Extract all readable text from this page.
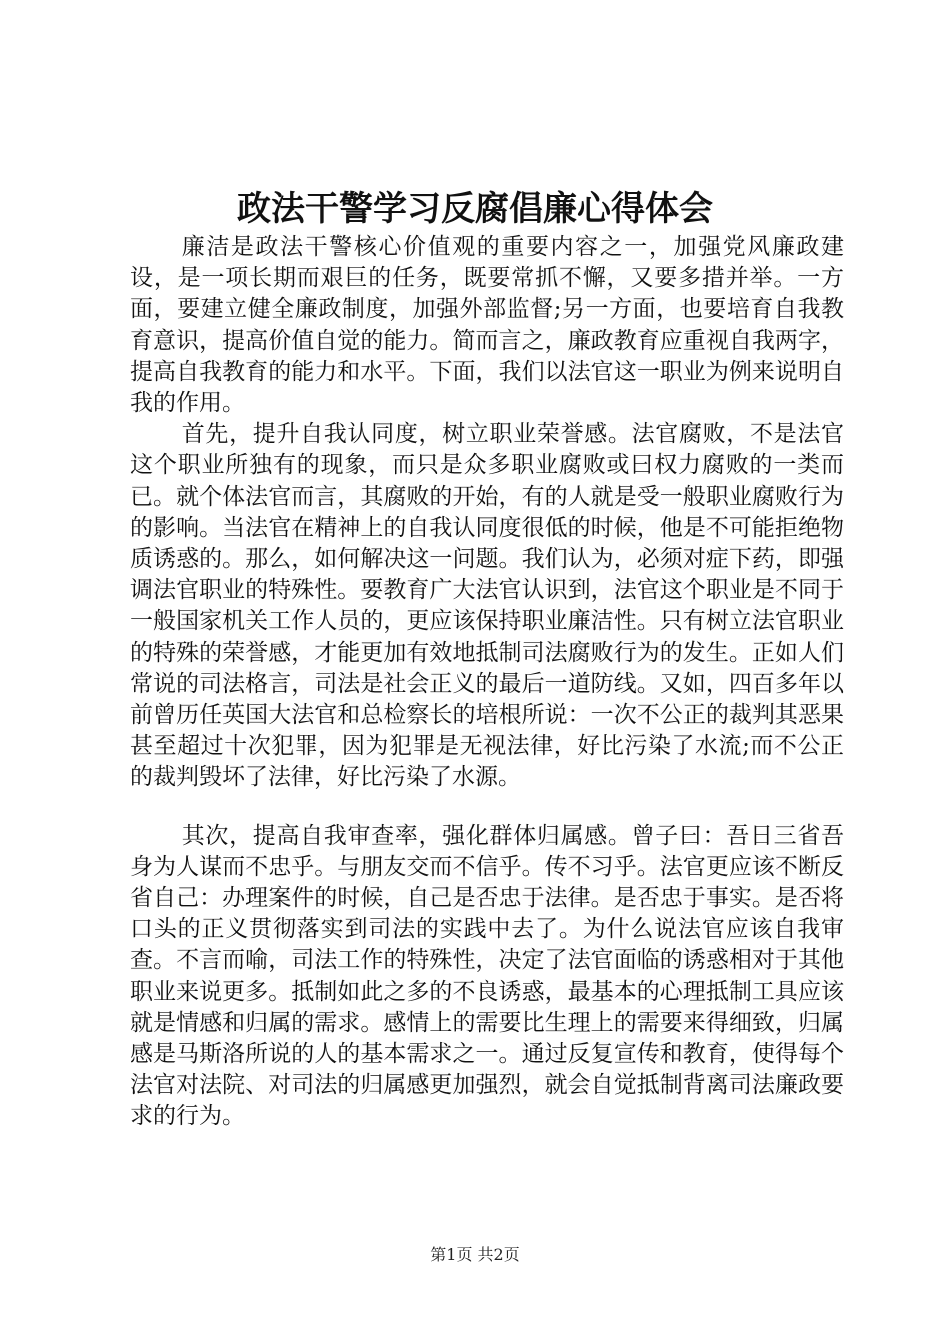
政法干警学习反腐倡廉心得体会

廉洁是政法干警核心价值观的重要内容之一，加强党风廉政建设，是一项长期而艰巨的任务，既要常抓不懈，又要多措并举。一方面，要建立健全廉政制度，加强外部监督;另一方面，也要培育自我教育意识，提高价值自觉的能力。简而言之，廉政教育应重视自我两字，提高自我教育的能力和水平。下面，我们以法官这一职业为例来说明自我的作用。

首先，提升自我认同度，树立职业荣誉感。法官腐败，不是法官这个职业所独有的现象，而只是众多职业腐败或曰权力腐败的一类而已。就个体法官而言，其腐败的开始，有的人就是受一般职业腐败行为的影响。当法官在精神上的自我认同度很低的时候，他是不可能拒绝物质诱惑的。那么，如何解决这一问题。我们认为，必须对症下药，即强调法官职业的特殊性。要教育广大法官认识到，法官这个职业是不同于一般国家机关工作人员的，更应该保持职业廉洁性。只有树立法官职业的特殊的荣誉感，才能更加有效地抵制司法腐败行为的发生。正如人们常说的司法格言，司法是社会正义的最后一道防线。又如，四百多年以前曾历任英国大法官和总检察长的培根所说：一次不公正的裁判其恶果甚至超过十次犯罪，因为犯罪是无视法律，好比污染了水流;而不公正的裁判毁坏了法律，好比污染了水源。

其次，提高自我审查率，强化群体归属感。曾子曰：吾日三省吾身为人谋而不忠乎。与朋友交而不信乎。传不习乎。法官更应该不断反省自己：办理案件的时候，自己是否忠于法律。是否忠于事实。是否将口头的正义贯彻落实到司法的实践中去了。为什么说法官应该自我审查。不言而喻，司法工作的特殊性，决定了法官面临的诱惑相对于其他职业来说更多。抵制如此之多的不良诱惑，最基本的心理抵制工具应该就是情感和归属的需求。感情上的需要比生理上的需要来得细致，归属感是马斯洛所说的人的基本需求之一。通过反复宣传和教育，使得每个法官对法院、对司法的归属感更加强烈，就会自觉抵制背离司法廉政要求的行为。

第1页 共2页
